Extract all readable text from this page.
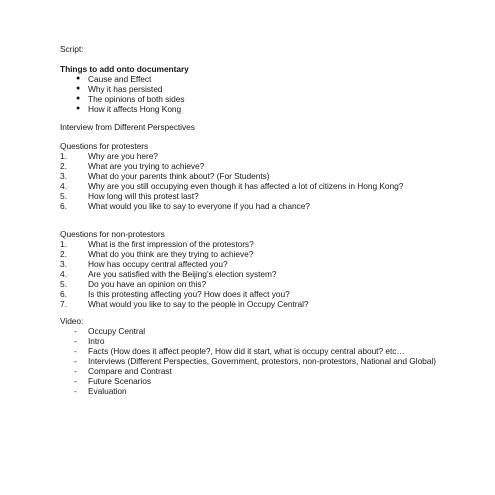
Script:
Things to add onto documentary
● Cause and Effect
● Why it has persisted
● The opinions of both sides
● How it affects Hong Kong
Interview from Different Perspectives
Questions for protesters
1.	Why are you here?
2.	What are you trying to achieve?
3.	What do your parents think about? (For Students)
4.	Why are you still occupying even though it has affected a lot of citizens in Hong Kong?
5.	How long will this protest last?
6.	What would you like to say to everyone if you had a chance?
Questions for non-protestors
1.	What is the first impression of the protestors?
2.	What do you think are they trying to achieve?
3.	How has occupy central affected you?
4.	Are you satisfied with the Beijing’s election system?
5.	Do you have an opinion on this?
6.	Is this protesting affecting you? How does it affect you?
7.	What would you like to say to the people in Occupy Central?
Video:
- Occupy Central
- Intro
- Facts (How does it affect people?, How did it start, what is occupy central about? etc…
- Interviews (Different Perspecties, Government, protestors, non-protestors, National and Global)
- Compare and Contrast
- Future Scenarios
- Evaluation
